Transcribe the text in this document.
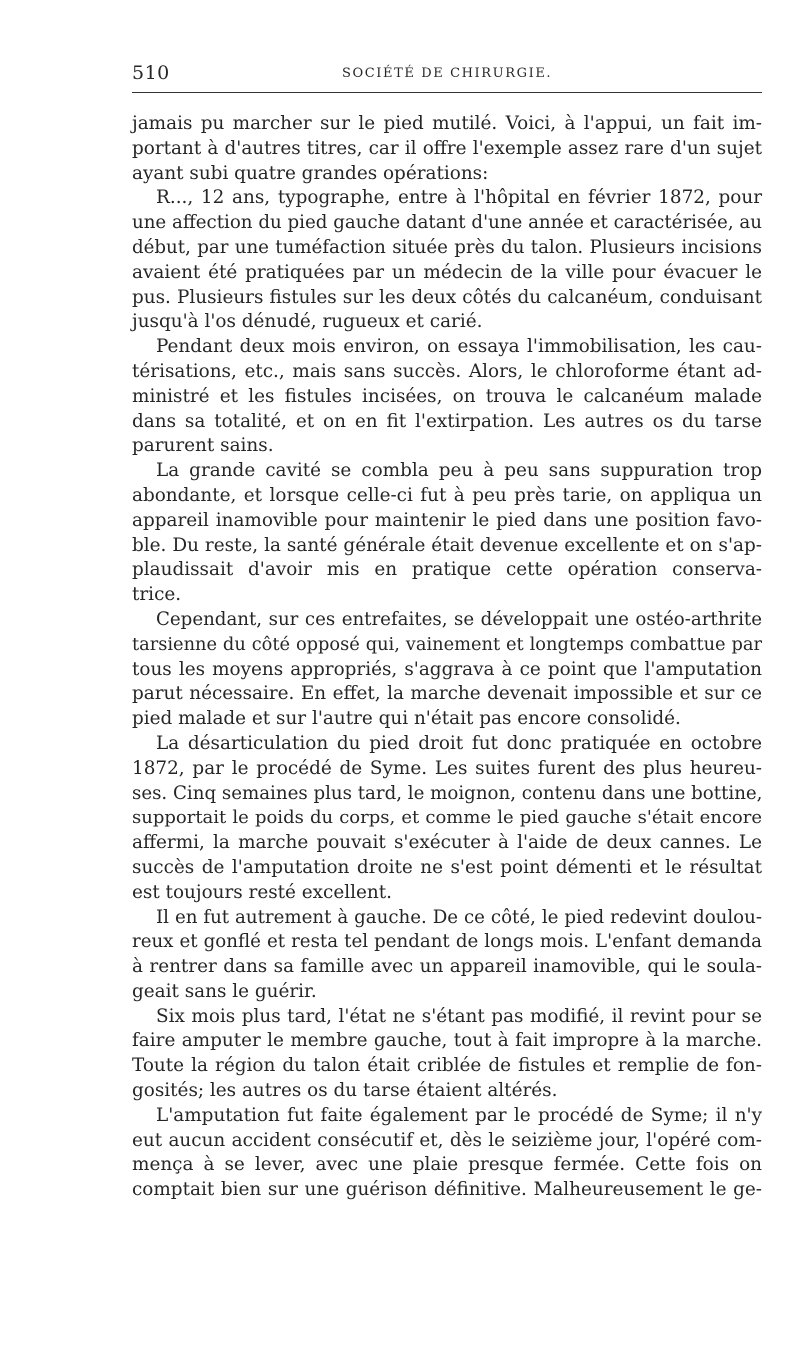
510	SOCIÉTÉ DE CHIRURGIE.
jamais pu marcher sur le pied mutilé. Voici, à l'appui, un fait im-
portant à d'autres titres, car il offre l'exemple assez rare d'un sujet
ayant subi quatre grandes opérations:
R..., 12 ans, typographe, entre à l'hôpital en février 1872, pour
une affection du pied gauche datant d'une année et caractérisée, au
début, par une tuméfaction située près du talon. Plusieurs incisions
avaient été pratiquées par un médecin de la ville pour évacuer le
pus. Plusieurs fistules sur les deux côtés du calcanéum, conduisant
jusqu'à l'os dénudé, rugueux et carié.
Pendant deux mois environ, on essaya l'immobilisation, les cau-
térisations, etc., mais sans succès. Alors, le chloroforme étant ad-
ministré et les fistules incisées, on trouva le calcanéum malade
dans sa totalité, et on en fit l'extirpation. Les autres os du tarse
parurent sains.
La grande cavité se combla peu à peu sans suppuration trop
abondante, et lorsque celle-ci fut à peu près tarie, on appliqua un
appareil inamovible pour maintenir le pied dans une position favo-
ble. Du reste, la santé générale était devenue excellente et on s'ap-
plaudissait d'avoir mis en pratique cette opération conserva-
trice.
Cependant, sur ces entrefaites, se développait une ostéo-arthrite
tarsienne du côté opposé qui, vainement et longtemps combattue par
tous les moyens appropriés, s'aggrava à ce point que l'amputation
parut nécessaire. En effet, la marche devenait impossible et sur ce
pied malade et sur l'autre qui n'était pas encore consolidé.
La désarticulation du pied droit fut donc pratiquée en octobre
1872, par le procédé de Syme. Les suites furent des plus heureu-
ses. Cinq semaines plus tard, le moignon, contenu dans une bottine,
supportait le poids du corps, et comme le pied gauche s'était encore
affermi, la marche pouvait s'exécuter à l'aide de deux cannes. Le
succès de l'amputation droite ne s'est point démenti et le résultat
est toujours resté excellent.
Il en fut autrement à gauche. De ce côté, le pied redevint doulou-
reux et gonflé et resta tel pendant de longs mois. L'enfant demanda
à rentrer dans sa famille avec un appareil inamovible, qui le soula-
geait sans le guérir.
Six mois plus tard, l'état ne s'étant pas modifié, il revint pour se
faire amputer le membre gauche, tout à fait impropre à la marche.
Toute la région du talon était criblée de fistules et remplie de fon-
gosités; les autres os du tarse étaient altérés.
L'amputation fut faite également par le procédé de Syme; il n'y
eut aucun accident consécutif et, dès le seizième jour, l'opéré com-
mença à se lever, avec une plaie presque fermée. Cette fois on
comptait bien sur une guérison définitive. Malheureusement le ge-
